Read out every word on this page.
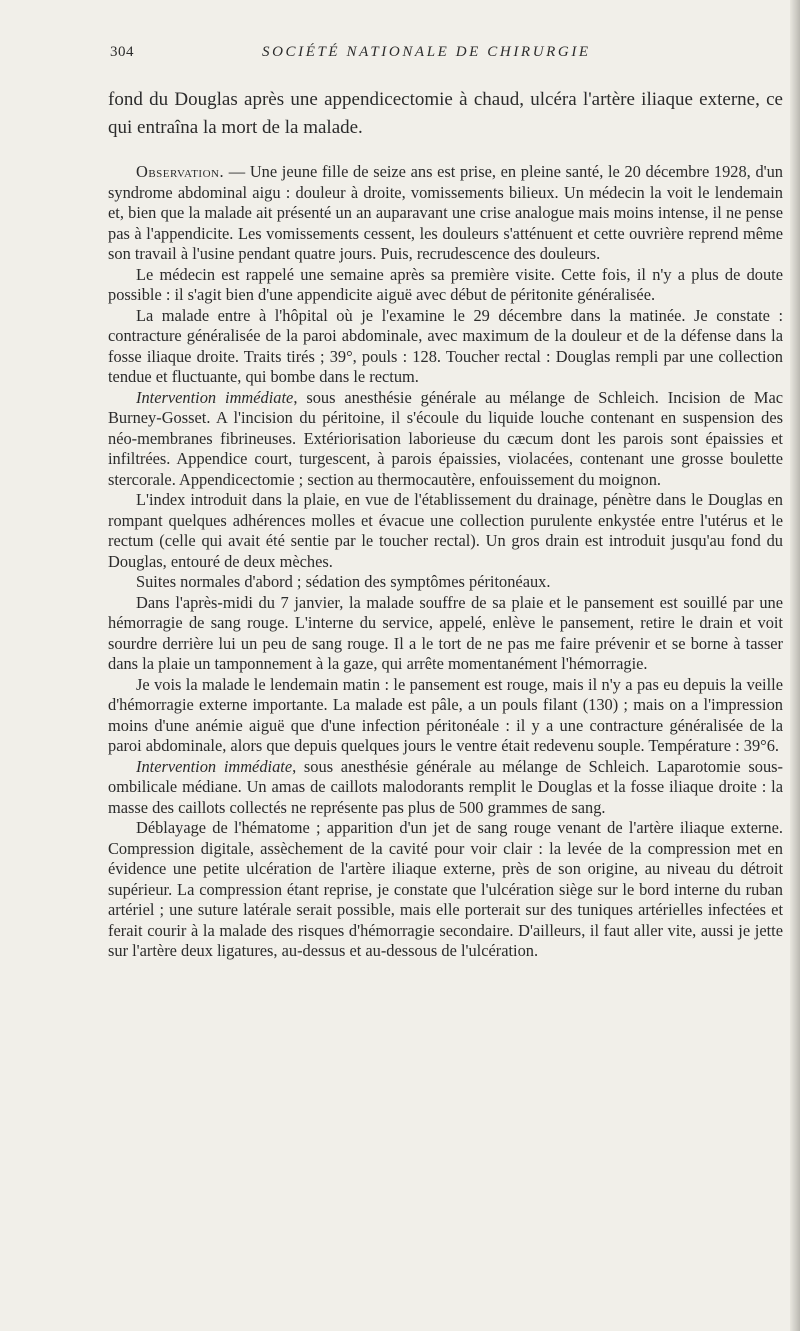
304	SOCIÉTÉ NATIONALE DE CHIRURGIE

fond du Douglas après une appendicectomie à chaud, ulcéra l'artère iliaque externe, ce qui entraîna la mort de la malade.

Observation. — Une jeune fille de seize ans est prise, en pleine santé, le 20 décembre 1928, d'un syndrome abdominal aigu : douleur à droite, vomissements bilieux. Un médecin la voit le lendemain et, bien que la malade ait présenté un an auparavant une crise analogue mais moins intense, il ne pense pas à l'appendicite. Les vomissements cessent, les douleurs s'atténuent et cette ouvrière reprend même son travail à l'usine pendant quatre jours. Puis, recrudescence des douleurs.

Le médecin est rappelé une semaine après sa première visite. Cette fois, il n'y a plus de doute possible : il s'agit bien d'une appendicite aiguë avec début de péritonite généralisée.

La malade entre à l'hôpital où je l'examine le 29 décembre dans la matinée. Je constate : contracture généralisée de la paroi abdominale, avec maximum de la douleur et de la défense dans la fosse iliaque droite. Traits tirés ; 39°, pouls : 128. Toucher rectal : Douglas rempli par une collection tendue et fluctuante, qui bombe dans le rectum.

Intervention immédiate, sous anesthésie générale au mélange de Schleich. Incision de Mac Burney-Gosset. A l'incision du péritoine, il s'écoule du liquide louche contenant en suspension des néo-membranes fibrineuses. Extériorisation laborieuse du cæcum dont les parois sont épaissies et infiltrées. Appendice court, turgescent, à parois épaissies, violacées, contenant une grosse boulette stercorale. Appendicectomie ; section au thermocautère, enfouissement du moignon.

L'index introduit dans la plaie, en vue de l'établissement du drainage, pénètre dans le Douglas en rompant quelques adhérences molles et évacue une collection purulente enkystée entre l'utérus et le rectum (celle qui avait été sentie par le toucher rectal). Un gros drain est introduit jusqu'au fond du Douglas, entouré de deux mèches.

Suites normales d'abord ; sédation des symptômes péritonéaux.

Dans l'après-midi du 7 janvier, la malade souffre de sa plaie et le pansement est souillé par une hémorragie de sang rouge. L'interne du service, appelé, enlève le pansement, retire le drain et voit sourdre derrière lui un peu de sang rouge. Il a le tort de ne pas me faire prévenir et se borne à tasser dans la plaie un tamponnement à la gaze, qui arrête momentanément l'hémorragie.

Je vois la malade le lendemain matin : le pansement est rouge, mais il n'y a pas eu depuis la veille d'hémorragie externe importante. La malade est pâle, a un pouls filant (130) ; mais on a l'impression moins d'une anémie aiguë que d'une infection péritonéale : il y a une contracture généralisée de la paroi abdominale, alors que depuis quelques jours le ventre était redevenu souple. Température : 39°6.

Intervention immédiate, sous anesthésie générale au mélange de Schleich. Laparotomie sous-ombilicale médiane. Un amas de caillots malodorants remplit le Douglas et la fosse iliaque droite : la masse des caillots collectés ne représente pas plus de 500 grammes de sang.

Déblayage de l'hématome ; apparition d'un jet de sang rouge venant de l'artère iliaque externe. Compression digitale, assèchement de la cavité pour voir clair : la levée de la compression met en évidence une petite ulcération de l'artère iliaque externe, près de son origine, au niveau du détroit supérieur. La compression étant reprise, je constate que l'ulcération siège sur le bord interne du ruban artériel ; une suture latérale serait possible, mais elle porterait sur des tuniques artérielles infectées et ferait courir à la malade des risques d'hémorragie secondaire. D'ailleurs, il faut aller vite, aussi je jette sur l'artère deux ligatures, au-dessus et au-dessous de l'ulcération.
